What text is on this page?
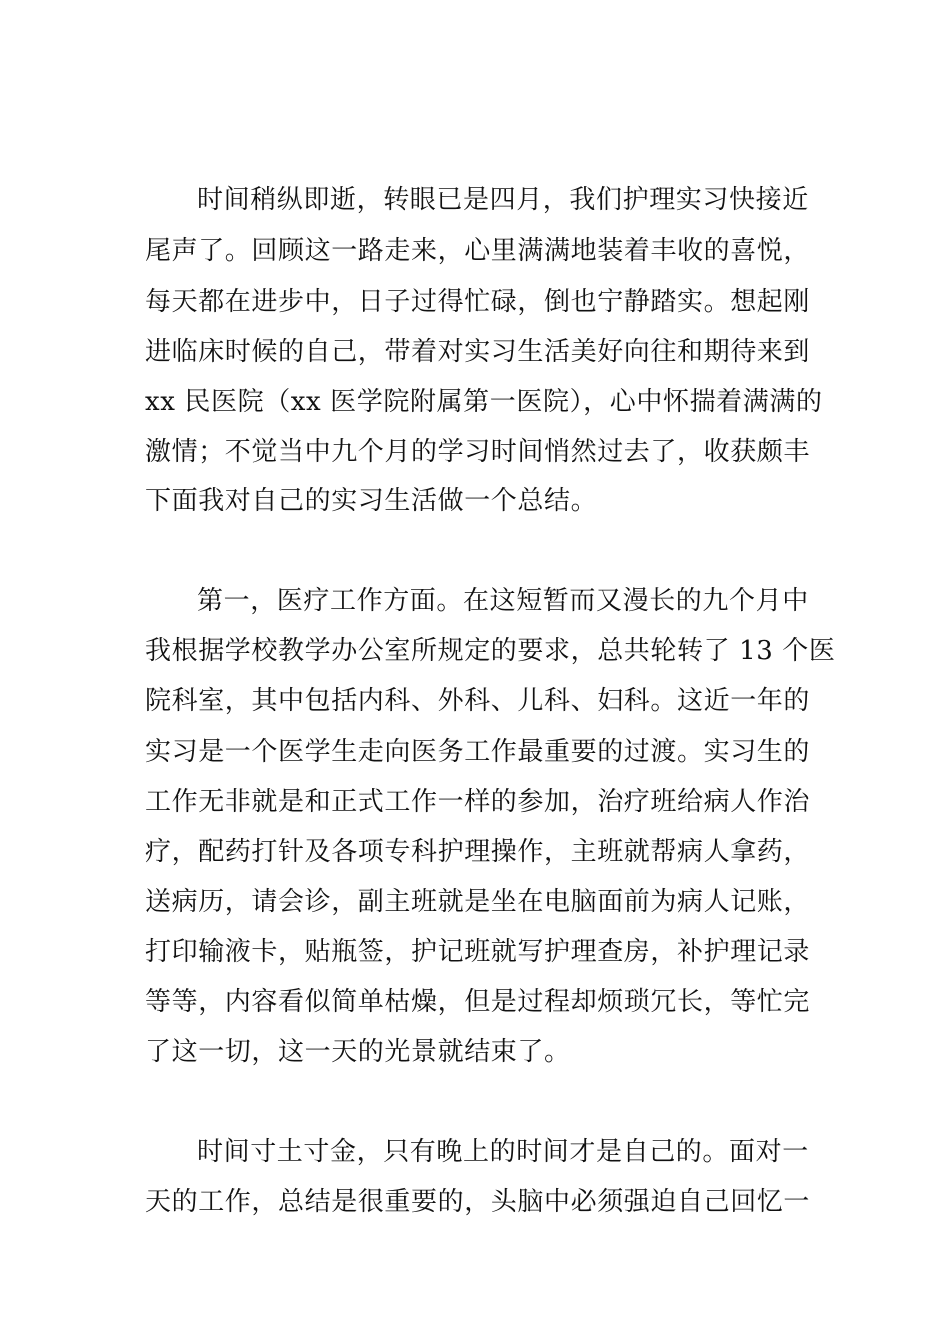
时间稍纵即逝，转眼已是四月，我们护理实习快接近
尾声了。回顾这一路走来，心里满满地装着丰收的喜悦，
每天都在进步中，日子过得忙碌，倒也宁静踏实。想起刚
进临床时候的自己，带着对实习生活美好向往和期待来到
xx 民医院（xx 医学院附属第一医院），心中怀揣着满满的
激情；不觉当中九个月的学习时间悄然过去了，收获颇丰
下面我对自己的实习生活做一个总结。
第一，医疗工作方面。在这短暂而又漫长的九个月中
我根据学校教学办公室所规定的要求，总共轮转了 13 个医
院科室，其中包括内科、外科、儿科、妇科。这近一年的
实习是一个医学生走向医务工作最重要的过渡。实习生的
工作无非就是和正式工作一样的参加，治疗班给病人作治
疗，配药打针及各项专科护理操作，主班就帮病人拿药，
送病历，请会诊，副主班就是坐在电脑面前为病人记账，
打印输液卡，贴瓶签，护记班就写护理查房，补护理记录
等等，内容看似简单枯燥，但是过程却烦琐冗长，等忙完
了这一切，这一天的光景就结束了。
时间寸土寸金，只有晚上的时间才是自己的。面对一
天的工作，总结是很重要的，头脑中必须强迫自己回忆一
